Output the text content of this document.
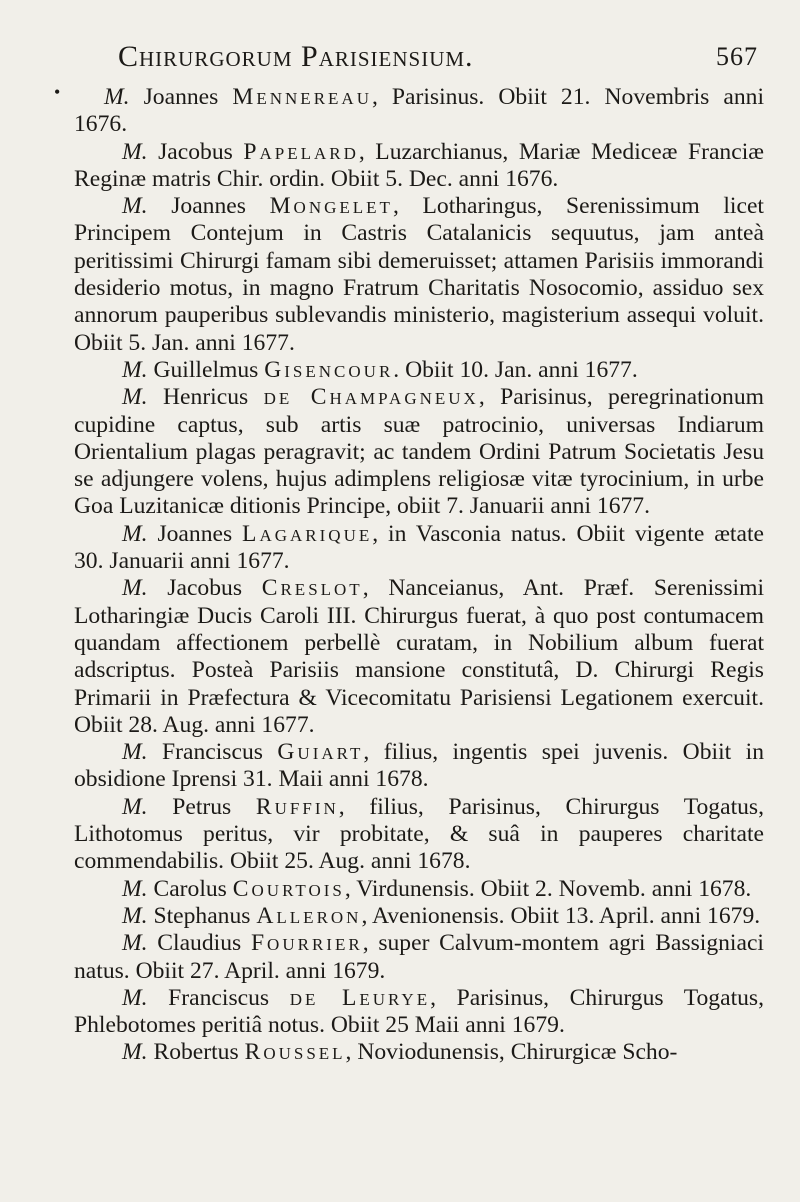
Chirurgorum Parisiensium.	567
•	M. Joannes Mennereau, Parisinus. Obiit 21. Novembris anni 1676.

M. Jacobus Papelard, Luzarchianus, Mariæ Mediceæ Franciæ Reginæ matris Chir. ordin. Obiit 5. Dec. anni 1676.

M. Joannes Mongelet, Lotharingus, Serenissimum licet Principem Contejum in Castris Catalanicis sequutus, jam anteà peritissimi Chirurgi famam sibi demeruisset; attamen Parisiis immorandi desiderio motus, in magno Fratrum Charitatis Nosocomio, assiduo sex annorum pauperibus sublevandis ministerio, magisterium assequi voluit. Obiit 5. Jan. anni 1677.

M. Guillelmus Gisencour. Obiit 10. Jan. anni 1677.

M. Henricus de Champagneux, Parisinus, peregrinationum cupidine captus, sub artis suæ patrocinio, universas Indiarum Orientalium plagas peragravit; ac tandem Ordini Patrum Societatis Jesu se adjungere volens, hujus adimplens religiosæ vitæ tyrocinium, in urbe Goa Luzitanicæ ditionis Principe, obiit 7. Januarii anni 1677.

M. Joannes Lagarique, in Vasconia natus. Obiit vigente ætate 30. Januarii anni 1677.

M. Jacobus Creslot, Nanceianus, Ant. Præf. Serenissimi Lotharingiæ Ducis Caroli III. Chirurgus fuerat, à quo post contumacem quandam affectionem perbellè curatam, in Nobilium album fuerat adscriptus. Posteà Parisiis mansione constitutâ, D. Chirurgi Regis Primarii in Præfectura & Vicecomitatu Parisiensi Legationem exercuit. Obiit 28. Aug. anni 1677.

M. Franciscus Guiart, filius, ingentis spei juvenis. Obiit in obsidione Iprensi 31. Maii anni 1678.

M. Petrus Ruffin, filius, Parisinus, Chirurgus Togatus, Lithotomus peritus, vir probitate, & suâ in pauperes charitate commendabilis. Obiit 25. Aug. anni 1678.

M. Carolus Courtois, Virdunensis. Obiit 2. Novemb. anni 1678.

M. Stephanus Alleron, Avenionensis. Obiit 13. April. anni 1679.

M. Claudius Fourrier, super Calvum-montem agri Bassigniaci natus. Obiit 27. April. anni 1679.

M. Franciscus de Leurye, Parisinus, Chirurgus Togatus, Phlebotomes peritiâ notus. Obiit 25 Maii anni 1679.

M. Robertus Roussel, Noviodunensis, Chirurgicæ Scho-
